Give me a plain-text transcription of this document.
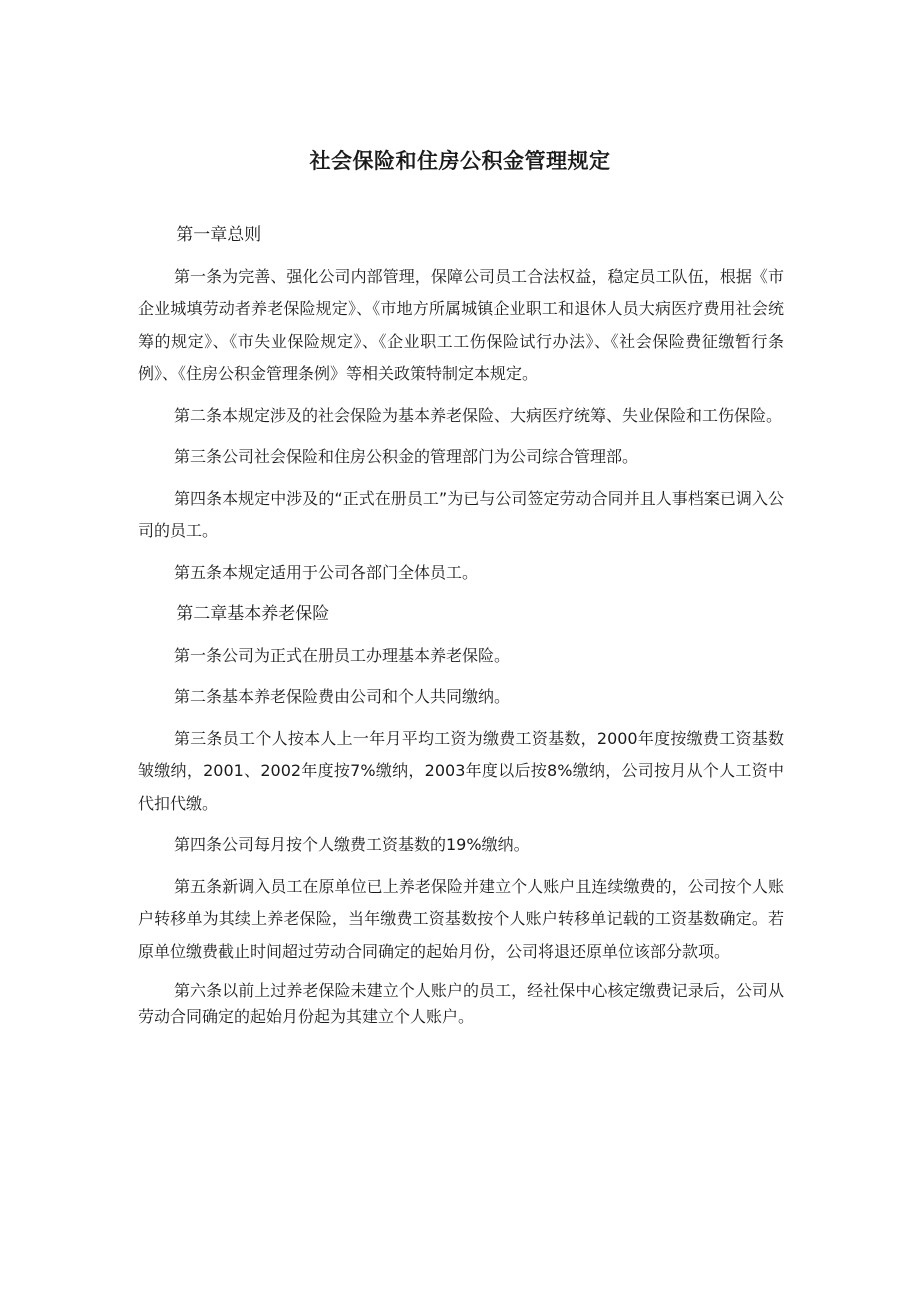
社会保险和住房公积金管理规定

第一章总则

第一条为完善、强化公司内部管理，保障公司员工合法权益，稳定员工队伍，根据《市企业城填劳动者养老保险规定》、《市地方所属城镇企业职工和退休人员大病医疗费用社会统筹的规定》、《市失业保险规定》、《企业职工工伤保险试行办法》、《社会保险费征缴暂行条例》、《住房公积金管理条例》等相关政策特制定本规定。

第二条本规定涉及的社会保险为基本养老保险、大病医疗统筹、失业保险和工伤保险。

第三条公司社会保险和住房公积金的管理部门为公司综合管理部。

第四条本规定中涉及的“正式在册员工”为已与公司签定劳动合同并且人事档案已调入公司的员工。

第五条本规定适用于公司各部门全体员工。

第二章基本养老保险

第一条公司为正式在册员工办理基本养老保险。

第二条基本养老保险费由公司和个人共同缴纳。

第三条员工个人按本人上一年月平均工资为缴费工资基数，2000年度按缴费工资基数皱缴纳，2001、2002年度按7%缴纳，2003年度以后按8%缴纳，公司按月从个人工资中代扣代缴。

第四条公司每月按个人缴费工资基数的19%缴纳。

第五条新调入员工在原单位已上养老保险并建立个人账户且连续缴费的，公司按个人账户转移单为其续上养老保险，当年缴费工资基数按个人账户转移单记载的工资基数确定。若原单位缴费截止时间超过劳动合同确定的起始月份，公司将退还原单位该部分款项。

第六条以前上过养老保险未建立个人账户的员工，经社保中心核定缴费记录后，公司从劳动合同确定的起始月份起为其建立个人账户。
